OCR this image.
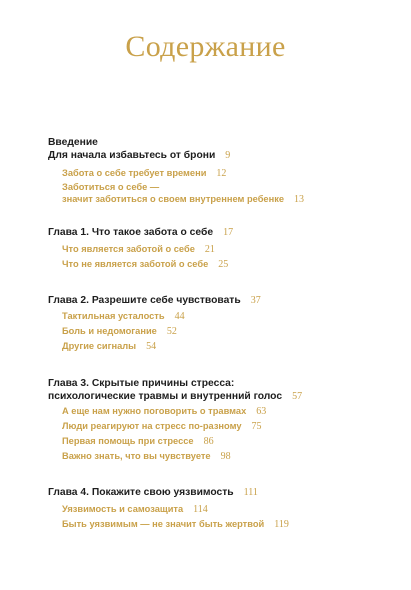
Содержание
Введение
Для начала избавьтесь от брони 9
Забота о себе требует времени 12
Заботиться о себе —
значит заботиться о своем внутреннем ребенке 13
Глава 1. Что такое забота о себе 17
Что является заботой о себе 21
Что не является заботой о себе 25
Глава 2. Разрешите себе чувствовать 37
Тактильная усталость 44
Боль и недомогание 52
Другие сигналы 54
Глава 3. Скрытые причины стресса:
психологические травмы и внутренний голос 57
А еще нам нужно поговорить о травмах 63
Люди реагируют на стресс по-разному 75
Первая помощь при стрессе 86
Важно знать, что вы чувствуете 98
Глава 4. Покажите свою уязвимость 111
Уязвимость и самозащита 114
Быть уязвимым — не значит быть жертвой 119
